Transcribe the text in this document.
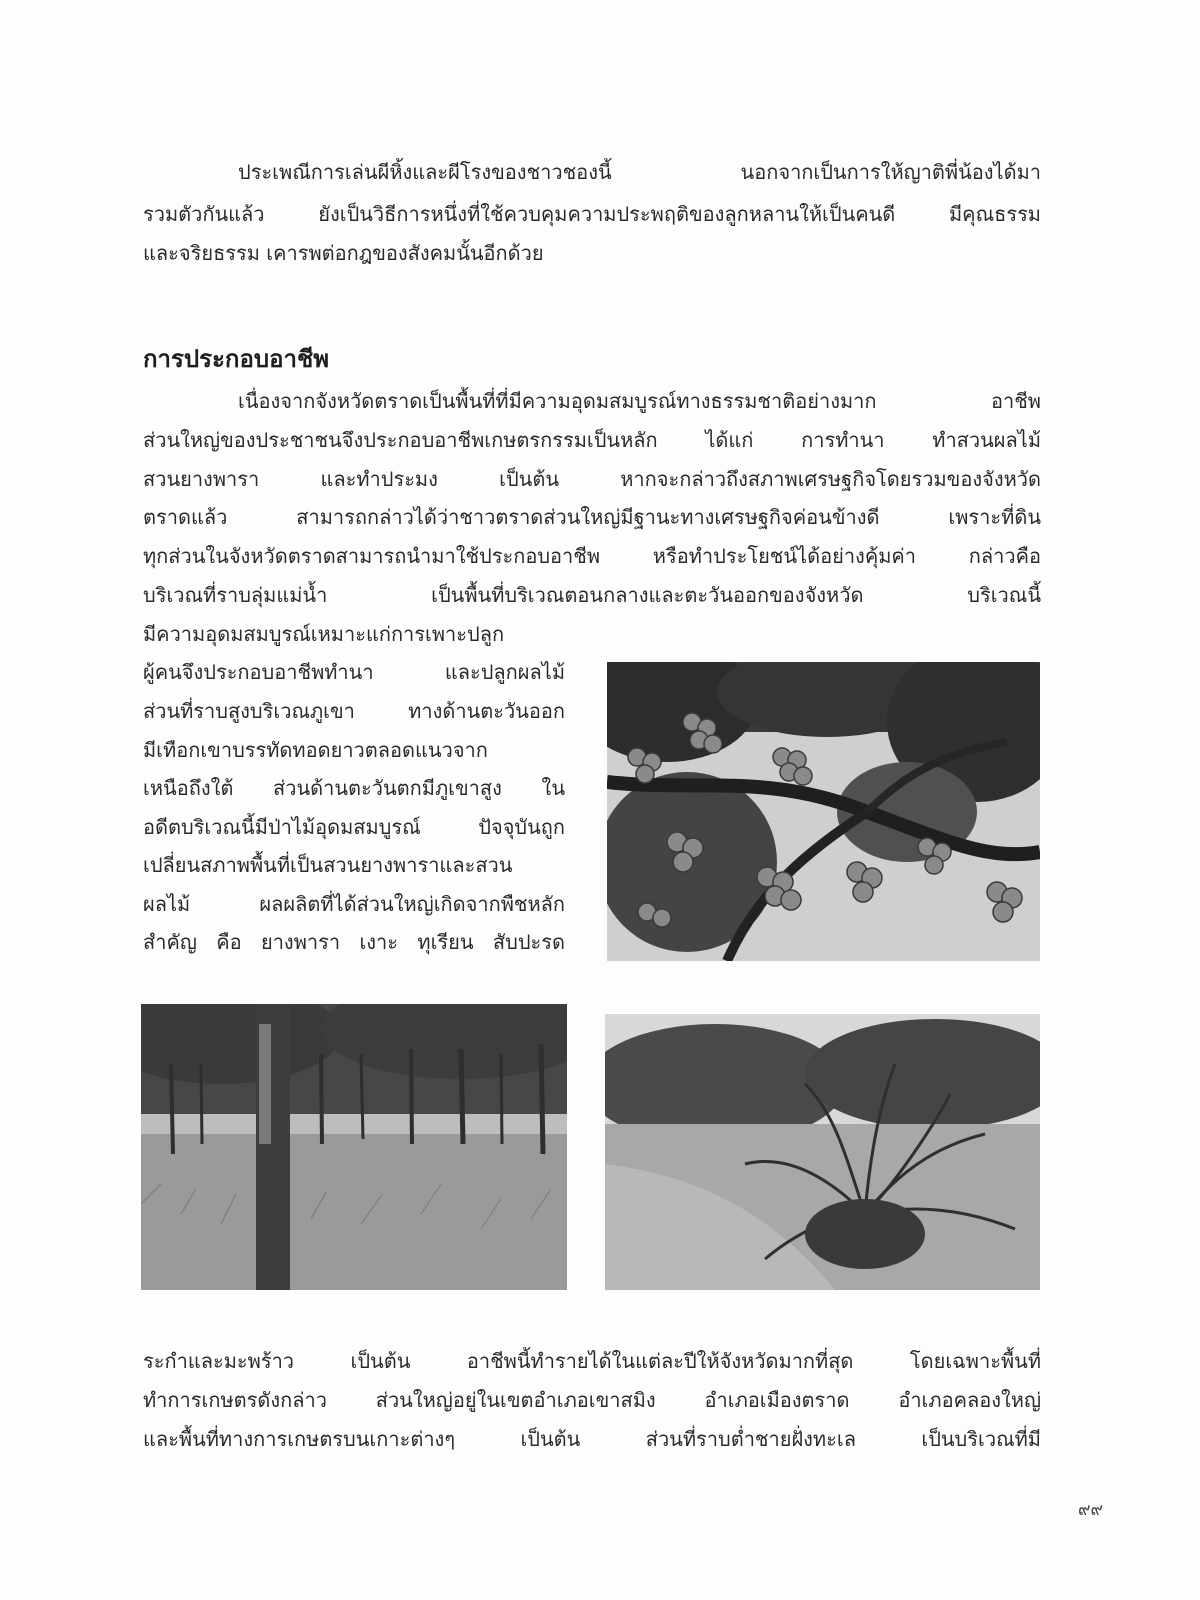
ประเพณีการเล่นผีหิ้งและผีโรงของชาวชองนี้ นอกจากเป็นการให้ญาติพี่น้องได้มา
รวมตัวกันแล้ว ยังเป็นวิธีการหนึ่งที่ใช้ควบคุมความประพฤติของลูกหลานให้เป็นคนดี มีคุณธรรม
และจริยธรรม เคารพต่อกฎของสังคมนั้นอีกด้วย
การประกอบอาชีพ
เนื่องจากจังหวัดตราดเป็นพื้นที่ที่มีความอุดมสมบูรณ์ทางธรรมชาติอย่างมาก อาชีพ
ส่วนใหญ่ของประชาชนจึงประกอบอาชีพเกษตรกรรมเป็นหลัก ได้แก่ การทำนา ทำสวนผลไม้
สวนยางพารา และทำประมง เป็นต้น หากจะกล่าวถึงสภาพเศรษฐกิจโดยรวมของจังหวัด
ตราดแล้ว สามารถกล่าวได้ว่าชาวตราดส่วนใหญ่มีฐานะทางเศรษฐกิจค่อนข้างดี เพราะที่ดิน
ทุกส่วนในจังหวัดตราดสามารถนำมาใช้ประกอบอาชีพ หรือทำประโยชน์ได้อย่างคุ้มค่า กล่าวคือ
บริเวณที่ราบลุ่มแม่น้ำ เป็นพื้นที่บริเวณตอนกลางและตะวันออกของจังหวัด บริเวณนี้
มีความอุดมสมบูรณ์เหมาะแก่การเพาะปลูก
ผู้คนจึงประกอบอาชีพทำนา และปลูกผลไม้
ส่วนที่ราบสูงบริเวณภูเขา ทางด้านตะวันออก
มีเทือกเขาบรรทัดทอดยาวตลอดแนวจาก
เหนือถึงใต้ ส่วนด้านตะวันตกมีภูเขาสูง ใน
อดีตบริเวณนี้มีป่าไม้อุดมสมบูรณ์ ปัจจุบันถูก
เปลี่ยนสภาพพื้นที่เป็นสวนยางพาราและสวน
ผลไม้ ผลผลิตที่ได้ส่วนใหญ่เกิดจากพืชหลัก
สำคัญ คือ ยางพารา เงาะ ทุเรียน สับปะรด
ระกำและมะพร้าว เป็นต้น อาชีพนี้ทำรายได้ในแต่ละปีให้จังหวัดมากที่สุด โดยเฉพาะพื้นที่
ทำการเกษตรดังกล่าว ส่วนใหญ่อยู่ในเขตอำเภอเขาสมิง อำเภอเมืองตราด อำเภอคลองใหญ่
และพื้นที่ทางการเกษตรบนเกาะต่างๆ เป็นต้น ส่วนที่ราบต่ำชายฝั่งทะเล เป็นบริเวณที่มี
๙๙
